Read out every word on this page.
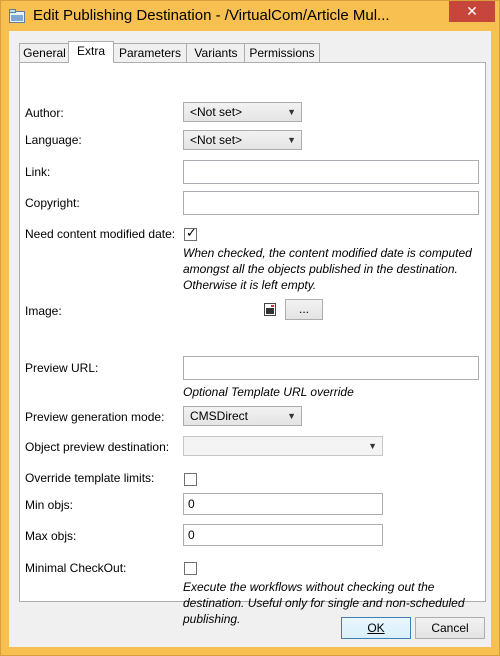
Edit Publishing Destination - /VirtualCom/Article Mul...	✕
General Extra	Parameters	Variants Permissions
Author:	<Not set>	▼
Language:	<Not set>	▼
Link:
Copyright:
Need content modified date: ✓
When checked, the content modified date is computed
amongst all the objects published in the destination.
Otherwise it is left empty.
Image:	...
Preview URL:
Optional Template URL override
Preview generation mode:	CMSDirect	▼
Object preview destination:	▼
Override template limits:
Min objs:	0
Max objs:	0
Minimal CheckOut:
Execute the workflows without checking out the
destination. Useful only for single and non-scheduled
publishing.
OK	Cancel
